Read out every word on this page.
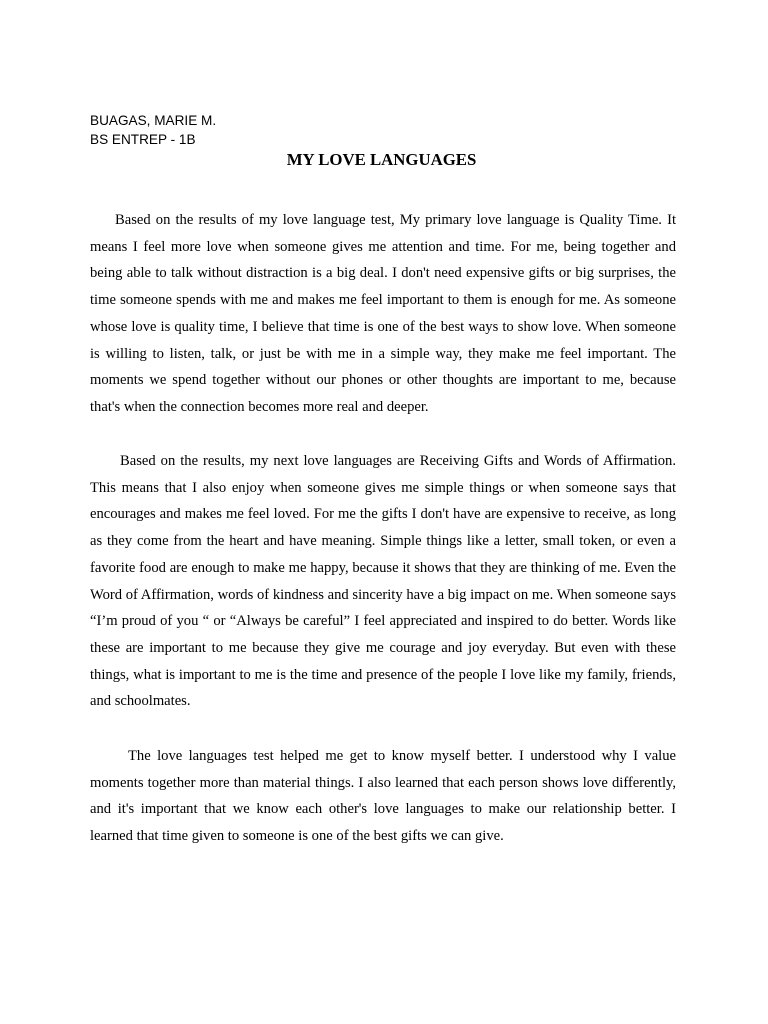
BUAGAS, MARIE M.
BS ENTREP - 1B
MY LOVE LANGUAGES

Based on the results of my love language test, My primary love language is Quality Time. It means I feel more love when someone gives me attention and time. For me, being together and being able to talk without distraction is a big deal. I don't need expensive gifts or big surprises, the time someone spends with me and makes me feel important to them is enough for me. As someone whose love is quality time, I believe that time is one of the best ways to show love. When someone is willing to listen, talk, or just be with me in a simple way, they make me feel important. The moments we spend together without our phones or other thoughts are important to me, because that's when the connection becomes more real and deeper.

Based on the results, my next love languages are Receiving Gifts and Words of Affirmation. This means that I also enjoy when someone gives me simple things or when someone says that encourages and makes me feel loved. For me the gifts I don't have are expensive to receive, as long as they come from the heart and have meaning. Simple things like a letter, small token, or even a favorite food are enough to make me happy, because it shows that they are thinking of me. Even the Word of Affirmation, words of kindness and sincerity have a big impact on me. When someone says “I’m proud of you “ or “Always be careful” I feel appreciated and inspired to do better. Words like these are important to me because they give me courage and joy everyday. But even with these things, what is important to me is the time and presence of the people I love like my family, friends, and schoolmates.

The love languages test helped me get to know myself better. I understood why I value moments together more than material things. I also learned that each person shows love differently, and it's important that we know each other's love languages to make our relationship better. I learned that time given to someone is one of the best gifts we can give.
